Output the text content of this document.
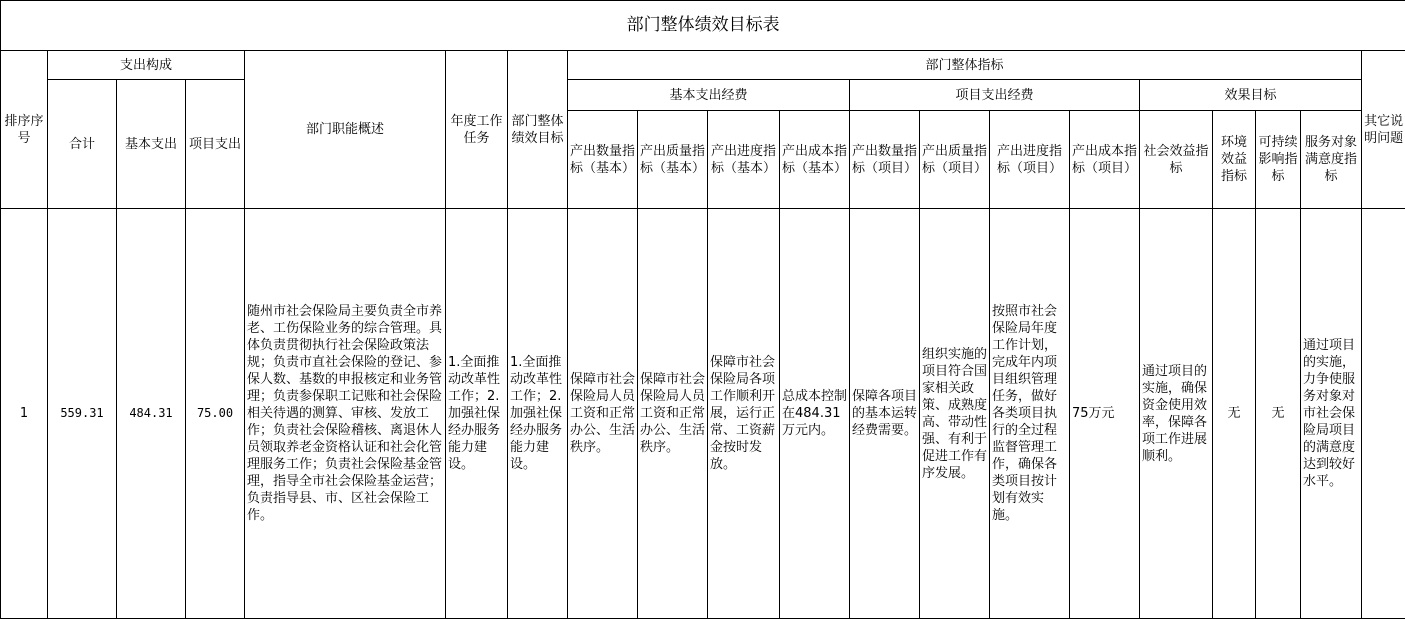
部门整体绩效目标表																			
排序序号	支出构成			部门职能概述	年度工作任务	部门整体绩效目标	部门整体指标												其它说明问题
	合计	基本支出	项目支出				基本支出经费				项目支出经费				效果目标				
							产出数量指标（基本）	产出质量指标（基本）	产出进度指标（基本）	产出成本指标（基本）	产出数量指标（项目）	产出质量指标（项目）	产出进度指标（项目）	产出成本指标（项目）	社会效益指标	环境效益指标	可持续影响指标	服务对象满意度指标	
1	559.31	484.31	75.00	随州市社会保险局主要负责全市养老、工伤保险业务的综合管理。具体负责贯彻执行社会保险政策法规；负责市直社会保险的登记、参保人数、基数的申报核定和业务管理；负责参保职工记账和社会保险相关待遇的测算、审核、发放工作；负责社会保险稽核、离退休人员领取养老金资格认证和社会化管理服务工作；负责社会保险基金管理，指导全市社会保险基金运营；负责指导县、市、区社会保险工作。	1.全面推动改革性工作；2.加强社保经办服务能力建设。	1.全面推动改革性工作；2.加强社保经办服务能力建设。	保障市社会保险局人员工资和正常办公、生活秩序。	保障市社会保险局人员工资和正常办公、生活秩序。	保障市社会保险局各项工作顺利开展，运行正常、工资薪金按时发放。	总成本控制在484.31万元内。	保障各项目的基本运转经费需要。	组织实施的项目符合国家相关政策、成熟度高、带动性强、有利于促进工作有序发展。	按照市社会保险局年度工作计划，完成年内项目组织管理任务，做好各类项目执行的全过程监督管理工作，确保各类项目按计划有效实施。	75万元	通过项目的实施，确保资金使用效率，保障各项工作进展顺利。	无	无	通过项目的实施，力争使服务对象对市社会保险局项目的满意度达到较好水平。	
